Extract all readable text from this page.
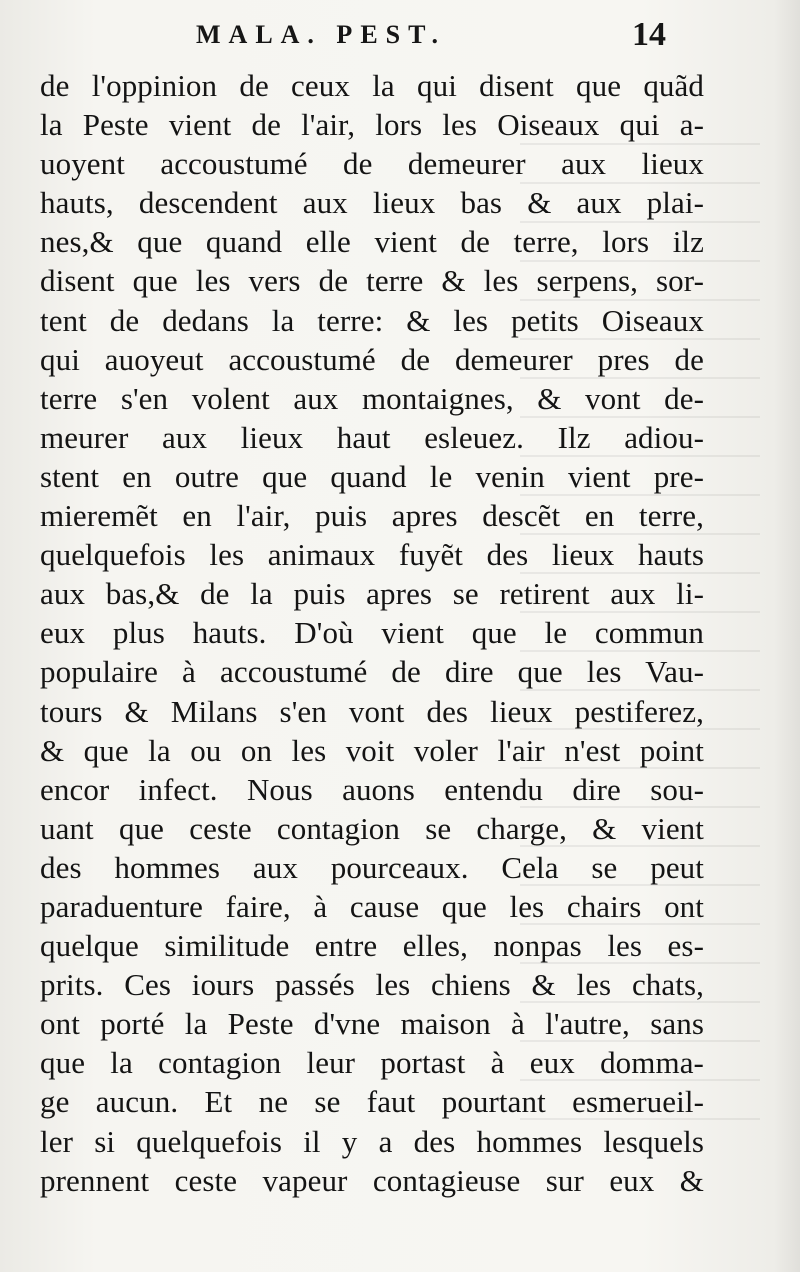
MALA. PEST.	14
de l'oppinion de ceux la qui disent que quãd
la Peste vient de l'air, lors les Oiseaux qui a-
uoyent accoustumé de demeurer aux lieux
hauts, descendent aux lieux bas & aux plai-
nes,& que quand elle vient de terre, lors ilz
disent que les vers de terre & les serpens, sor-
tent de dedans la terre: & les petits Oiseaux
qui auoyeut accoustumé de demeurer pres de
terre s'en volent aux montaignes, & vont de-
meurer aux lieux haut esleuez. Ilz adiou-
stent en outre que quand le venin vient pre-
mieremẽt en l'air, puis apres descẽt en terre,
quelquefois les animaux fuyẽt des lieux hauts
aux bas,& de la puis apres se retirent aux li-
eux plus hauts. D'où vient que le commun
populaire à accoustumé de dire que les Vau-
tours & Milans s'en vont des lieux pestiferez,
& que la ou on les voit voler l'air n'est point
encor infect. Nous auons entendu dire sou-
uant que ceste contagion se charge, & vient
des hommes aux pourceaux. Cela se peut
paraduenture faire, à cause que les chairs ont
quelque similitude entre elles, nonpas les es-
prits. Ces iours passés les chiens & les chats,
ont porté la Peste d'vne maison à l'autre, sans
que la contagion leur portast à eux domma-
ge aucun. Et ne se faut pourtant esmerueil-
ler si quelquefois il y a des hommes lesquels
prennent ceste vapeur contagieuse sur eux &
